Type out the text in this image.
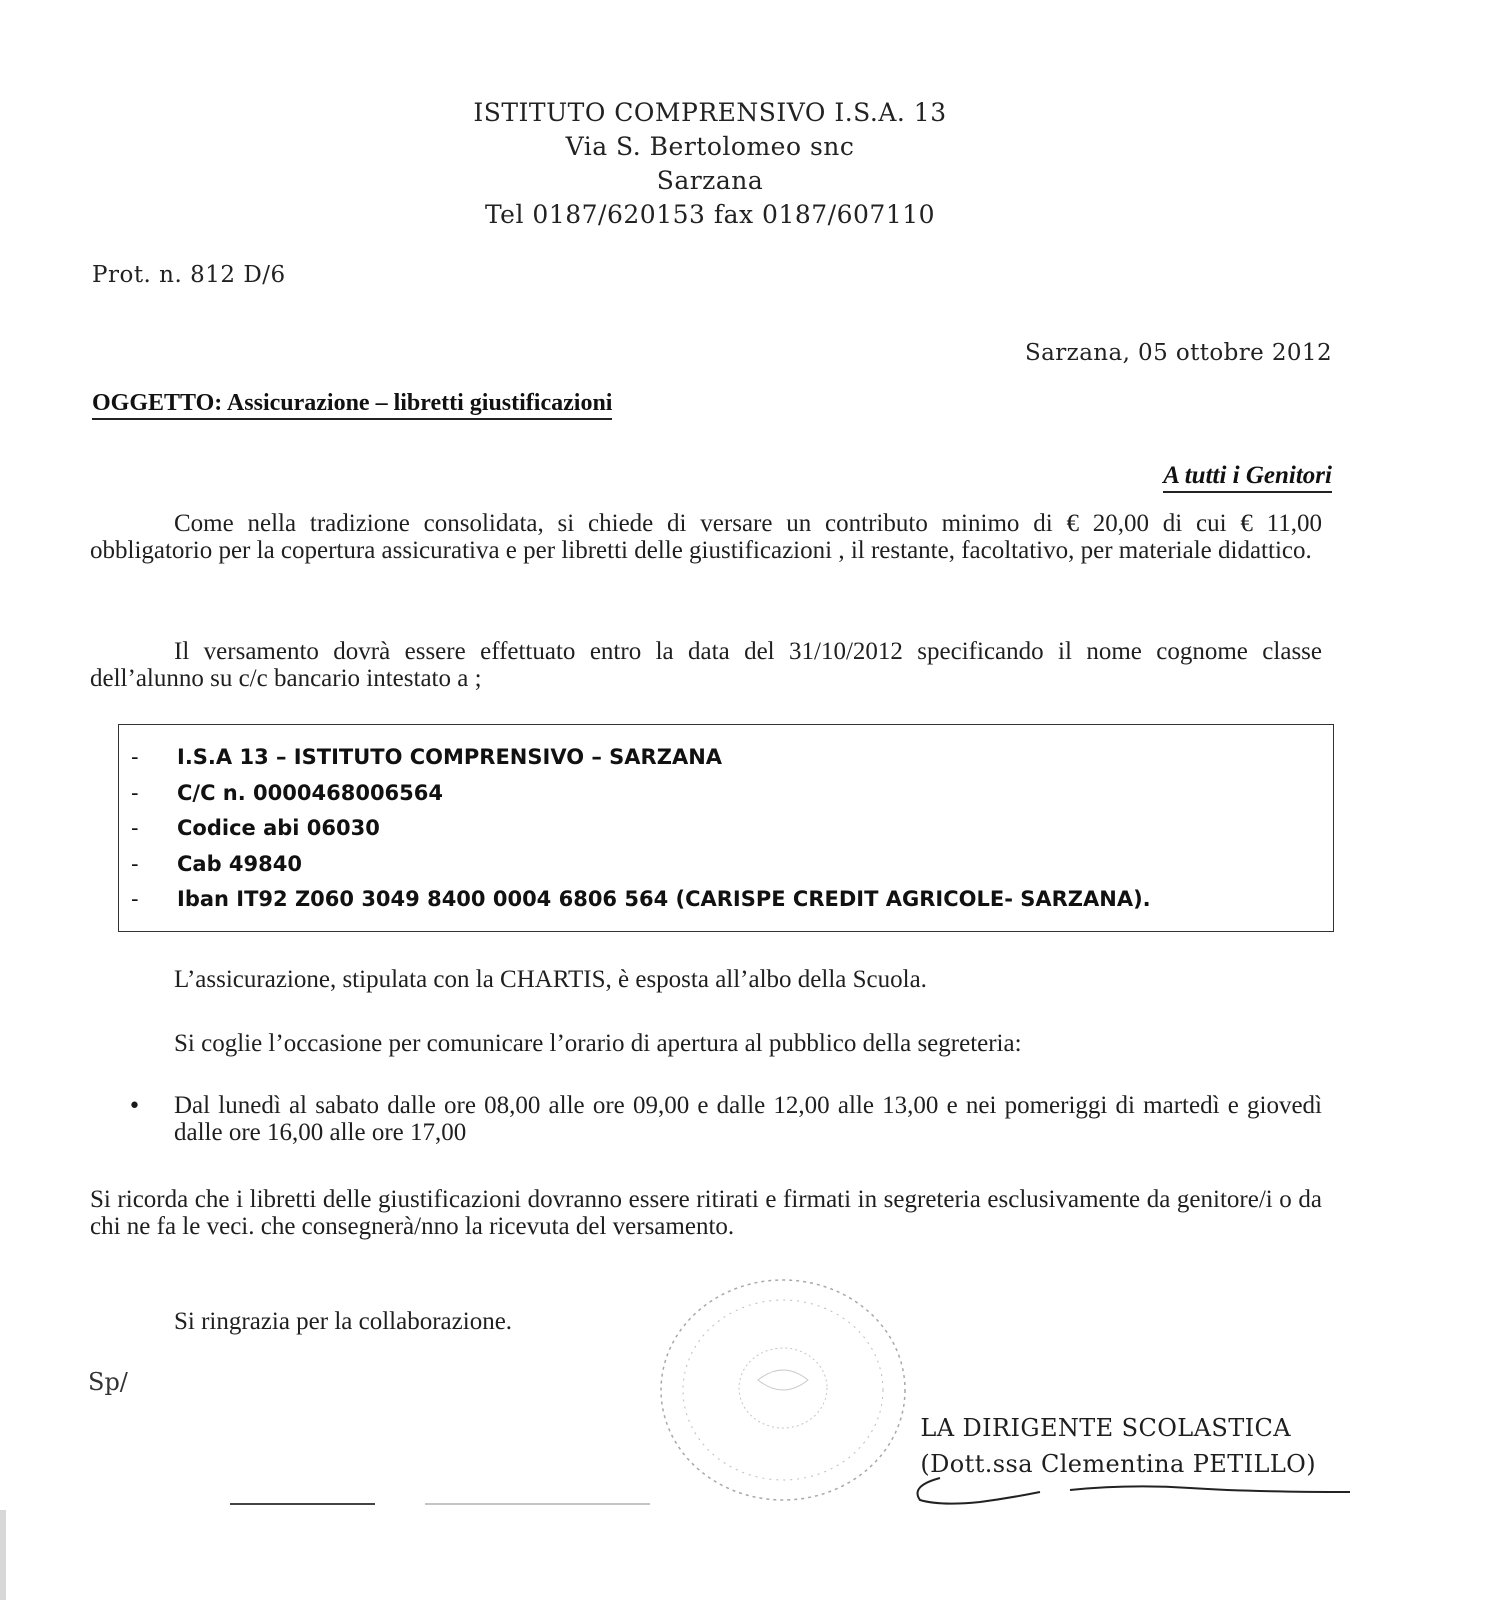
ISTITUTO COMPRENSIVO I.S.A. 13
Via S. Bertolomeo snc
Sarzana
Tel 0187/620153 fax 0187/607110
Prot. n. 812 D/6
Sarzana, 05 ottobre 2012
OGGETTO: Assicurazione – libretti giustificazioni
A tutti i Genitori
Come nella tradizione consolidata, si chiede di versare un contributo minimo di € 20,00 di cui € 11,00 obbligatorio per la copertura assicurativa e per libretti delle giustificazioni , il restante, facoltativo, per materiale didattico.
Il versamento dovrà essere effettuato entro la data del 31/10/2012 specificando il nome cognome classe dell’alunno su c/c bancario intestato a ;
- I.S.A 13 – ISTITUTO COMPRENSIVO – SARZANA
- C/C n. 0000468006564
- Codice abi 06030
- Cab 49840
- Iban IT92 Z060 3049 8400 0004 6806 564 (CARISPE CREDIT AGRICOLE- SARZANA).
L’assicurazione, stipulata con la CHARTIS, è esposta all’albo della Scuola.
Si coglie l’occasione per comunicare l’orario di apertura al pubblico della segreteria:
• Dal lunedì al sabato dalle ore 08,00 alle ore 09,00 e dalle 12,00 alle 13,00 e nei pomeriggi di martedì e giovedì dalle ore 16,00 alle ore 17,00
Si ricorda che i libretti delle giustificazioni dovranno essere ritirati e firmati in segreteria esclusivamente da genitore/i o da chi ne fa le veci. che consegnerà/nno la ricevuta del versamento.
Si ringrazia per la collaborazione.
Sp/
LA DIRIGENTE SCOLASTICA
(Dott.ssa Clementina PETILLO)
